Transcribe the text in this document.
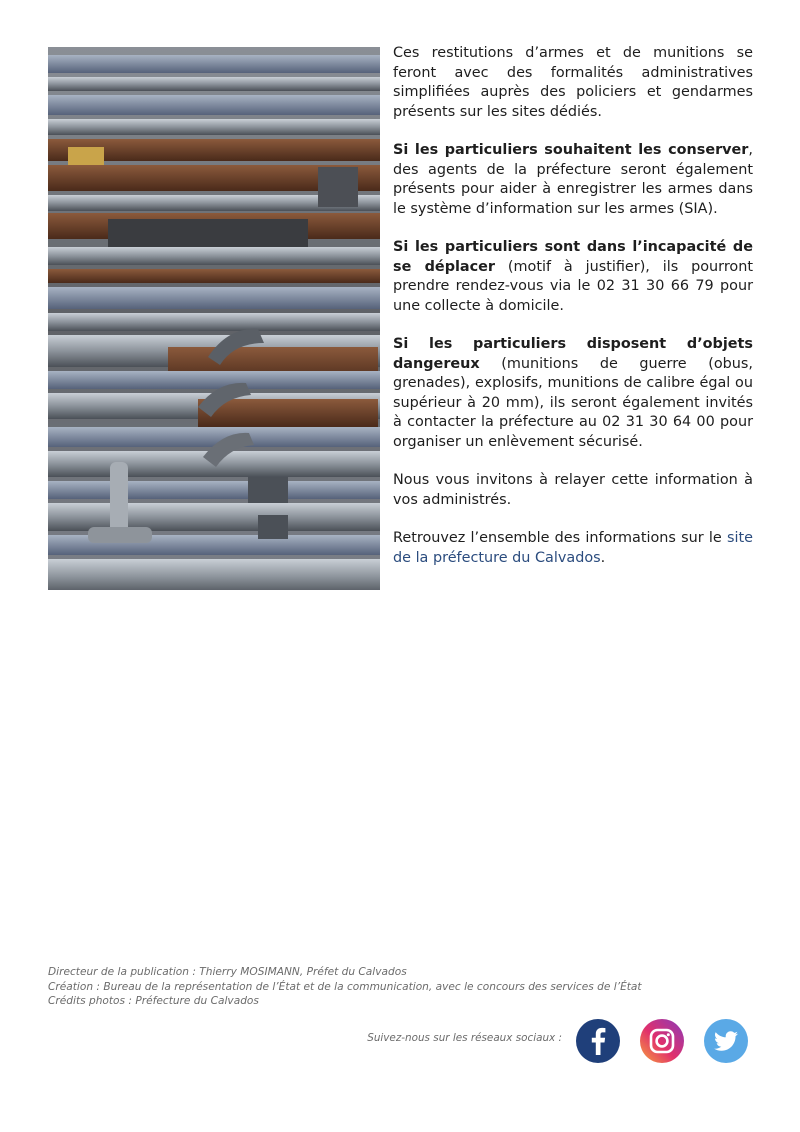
Ces restitutions d’armes et de munitions se feront avec des formalités administratives simplifiées auprès des policiers et gendarmes présents sur les sites dédiés.

Si les particuliers souhaitent les conserver, des agents de la préfecture seront également présents pour aider à enregistrer les armes dans le système d’information sur les armes (SIA).

Si les particuliers sont dans l’incapacité de se déplacer (motif à justifier), ils pourront prendre rendez-vous via le 02 31 30 66 79 pour une collecte à domicile.

Si les particuliers disposent d’objets dangereux (munitions de guerre (obus, grenades), explosifs, munitions de calibre égal ou supérieur à 20 mm), ils seront également invités à contacter la préfecture au 02 31 30 64 00 pour organiser un enlèvement sécurisé.

Nous vous invitons à relayer cette information à vos administrés.

Retrouvez l’ensemble des informations sur le site de la préfecture du Calvados.

Directeur de la publication : Thierry MOSIMANN, Préfet du Calvados
Création : Bureau de la représentation de l’État et de la communication, avec le concours des services de l’État
Crédits photos : Préfecture du Calvados
Suivez-nous sur les réseaux sociaux :
